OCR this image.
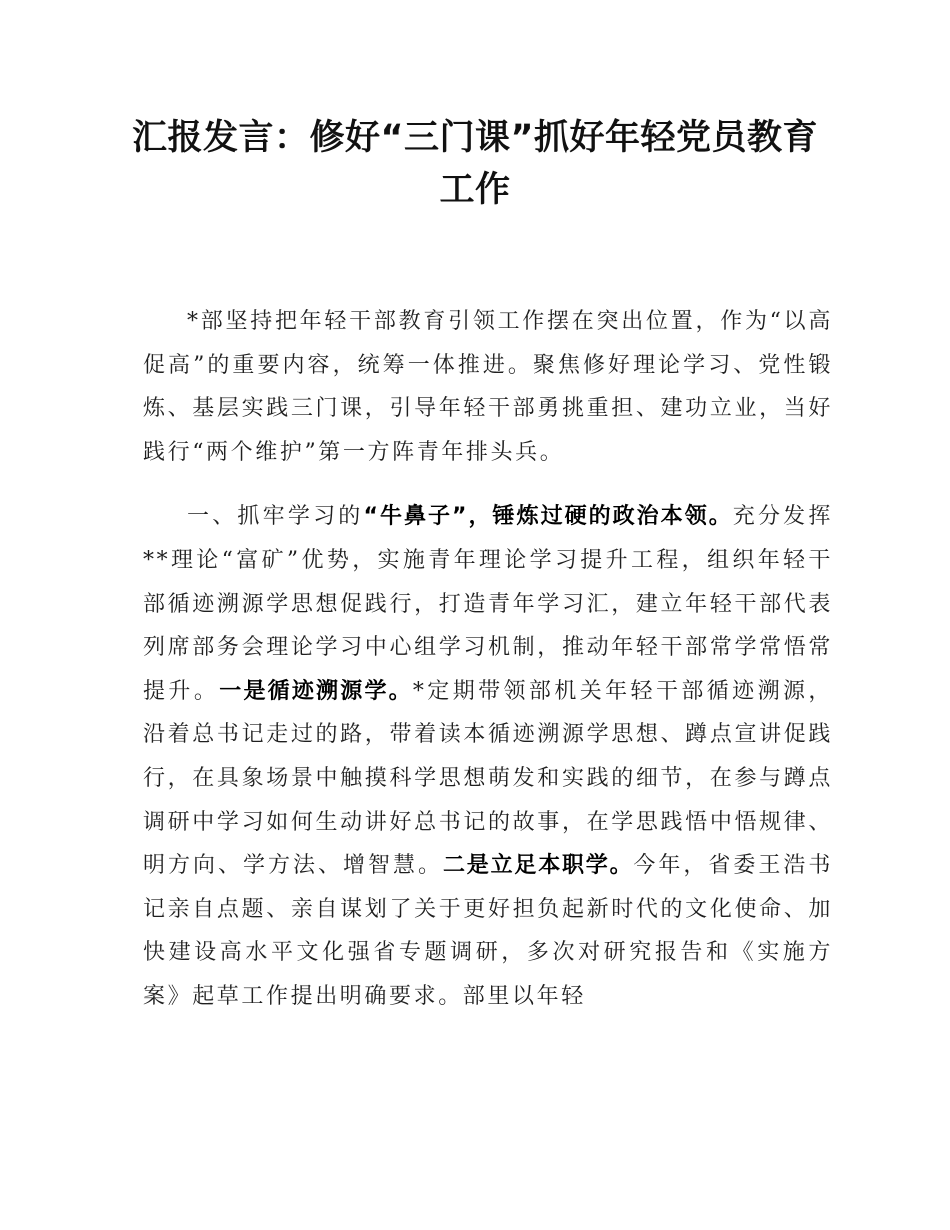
汇报发言：修好“三门课”抓好年轻党员教育工作

*部坚持把年轻干部教育引领工作摆在突出位置，作为“以高促高”的重要内容，统筹一体推进。聚焦修好理论学习、党性锻炼、基层实践三门课，引导年轻干部勇挑重担、建功立业，当好践行“两个维护”第一方阵青年排头兵。

一、抓牢学习的“牛鼻子”，锤炼过硬的政治本领。充分发挥**理论“富矿”优势，实施青年理论学习提升工程，组织年轻干部循迹溯源学思想促践行，打造青年学习汇，建立年轻干部代表列席部务会理论学习中心组学习机制，推动年轻干部常学常悟常提升。一是循迹溯源学。*定期带领部机关年轻干部循迹溯源，沿着总书记走过的路，带着读本循迹溯源学思想、蹲点宣讲促践行，在具象场景中触摸科学思想萌发和实践的细节，在参与蹲点调研中学习如何生动讲好总书记的故事，在学思践悟中悟规律、明方向、学方法、增智慧。二是立足本职学。今年，省委王浩书记亲自点题、亲自谋划了关于更好担负起新时代的文化使命、加快建设高水平文化强省专题调研，多次对研究报告和《实施方案》起草工作提出明确要求。部里以年轻
